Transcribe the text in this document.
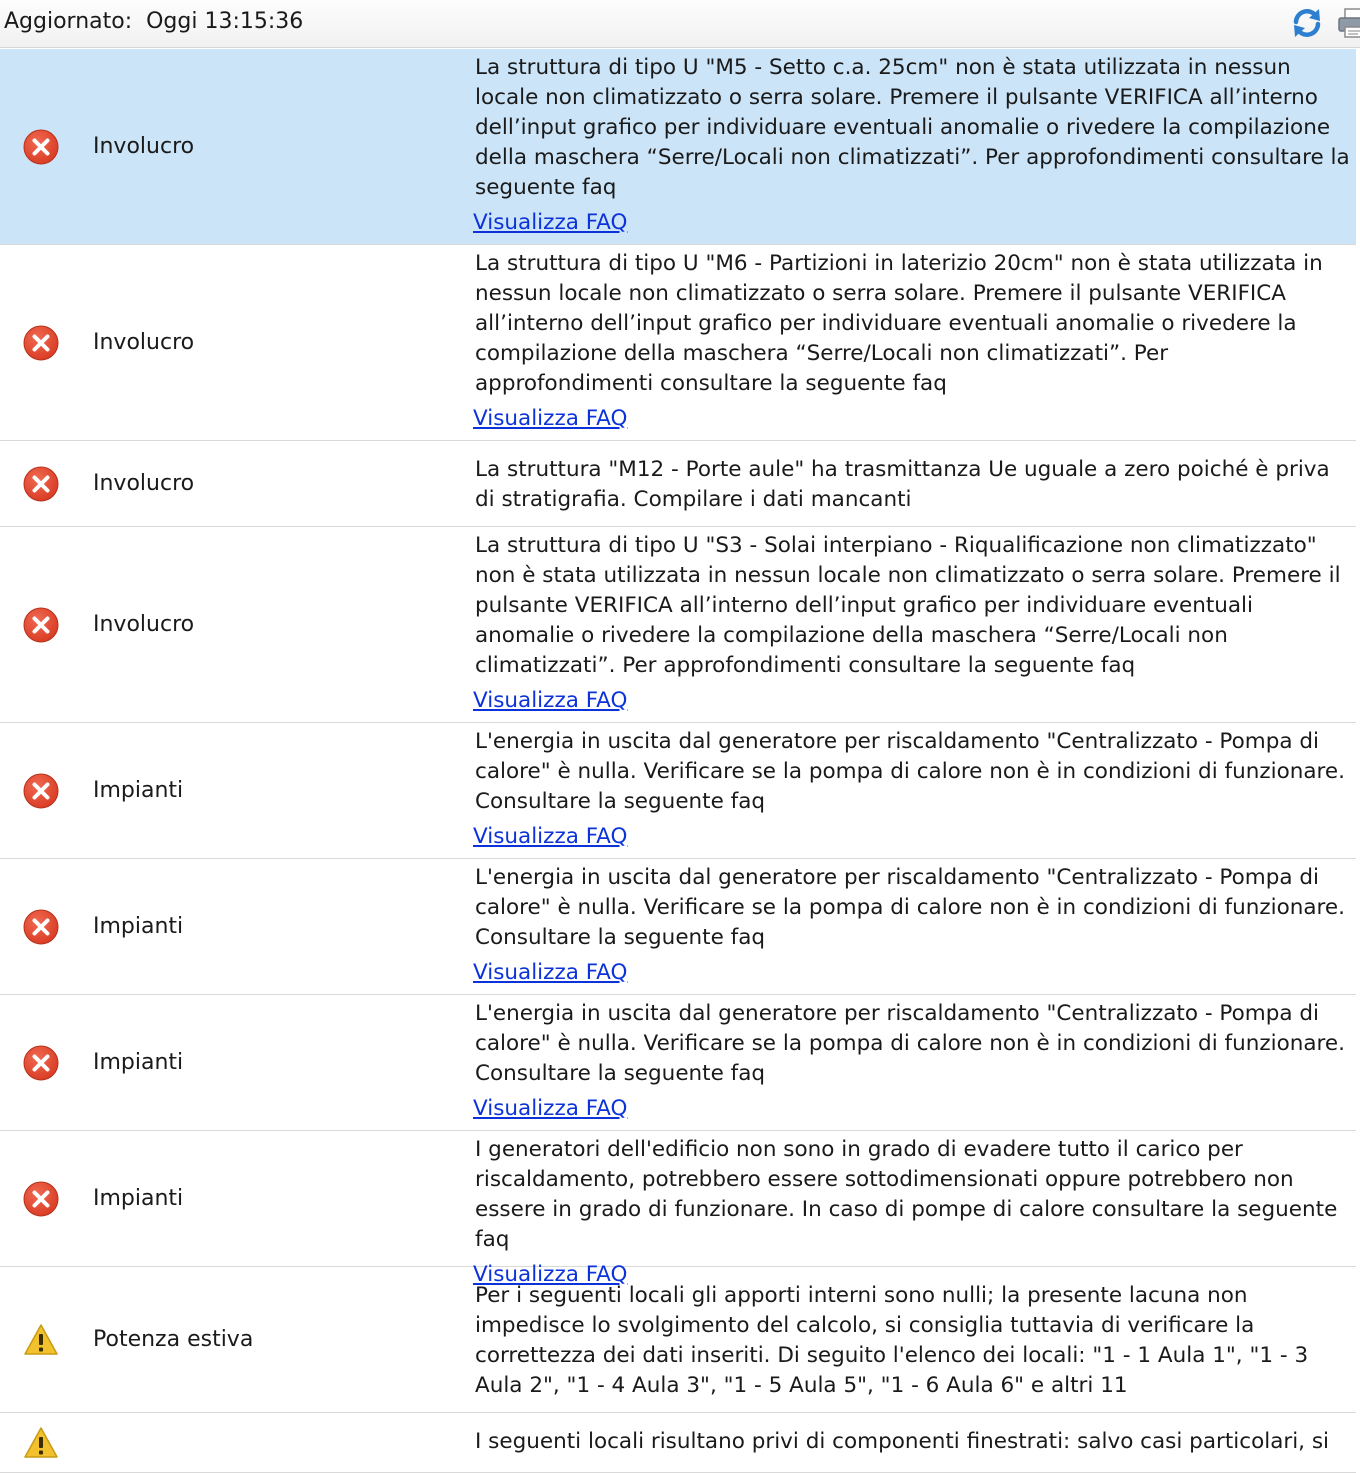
Aggiornato:  Oggi 13:15:36
Involucro

La struttura di tipo U "M5 - Setto c.a. 25cm" non è stata utilizzata in nessun locale non climatizzato o serra solare. Premere il pulsante VERIFICA all’interno dell’input grafico per individuare eventuali anomalie o rivedere la compilazione della maschera “Serre/Locali non climatizzati”. Per approfondimenti consultare la seguente faq

Visualizza FAQ
Involucro

La struttura di tipo U "M6 - Partizioni in laterizio 20cm" non è stata utilizzata in nessun locale non climatizzato o serra solare. Premere il pulsante VERIFICA all’interno dell’input grafico per individuare eventuali anomalie o rivedere la compilazione della maschera “Serre/Locali non climatizzati”. Per approfondimenti consultare la seguente faq

Visualizza FAQ
Involucro

La struttura "M12 - Porte aule" ha trasmittanza Ue uguale a zero poiché è priva di stratigrafia. Compilare i dati mancanti

Involucro

La struttura di tipo U "S3 - Solai interpiano - Riqualificazione non climatizzato" non è stata utilizzata in nessun locale non climatizzato o serra solare. Premere il pulsante VERIFICA all’interno dell’input grafico per individuare eventuali anomalie o rivedere la compilazione della maschera “Serre/Locali non climatizzati”. Per approfondimenti consultare la seguente faq

Visualizza FAQ
Impianti

L'energia in uscita dal generatore per riscaldamento "Centralizzato - Pompa di calore" è nulla. Verificare se la pompa di calore non è in condizioni di funzionare. Consultare la seguente faq

Visualizza FAQ
Impianti

L'energia in uscita dal generatore per riscaldamento "Centralizzato - Pompa di calore" è nulla. Verificare se la pompa di calore non è in condizioni di funzionare. Consultare la seguente faq

Visualizza FAQ
Impianti

L'energia in uscita dal generatore per riscaldamento "Centralizzato - Pompa di calore" è nulla. Verificare se la pompa di calore non è in condizioni di funzionare. Consultare la seguente faq

Visualizza FAQ
Impianti

I generatori dell'edificio non sono in grado di evadere tutto il carico per riscaldamento, potrebbero essere sottodimensionati oppure potrebbero non essere in grado di funzionare. In caso di pompe di calore consultare la seguente faq

Visualizza FAQ
Potenza estiva

Per i seguenti locali gli apporti interni sono nulli; la presente lacuna non impedisce lo svolgimento del calcolo, si consiglia tuttavia di verificare la correttezza dei dati inseriti. Di seguito l'elenco dei locali: "1 - 1 Aula 1", "1 - 3 Aula 2", "1 - 4 Aula 3", "1 - 5 Aula 5", "1 - 6 Aula 6" e altri 11

I seguenti locali risultano privi di componenti finestrati: salvo casi particolari, si
